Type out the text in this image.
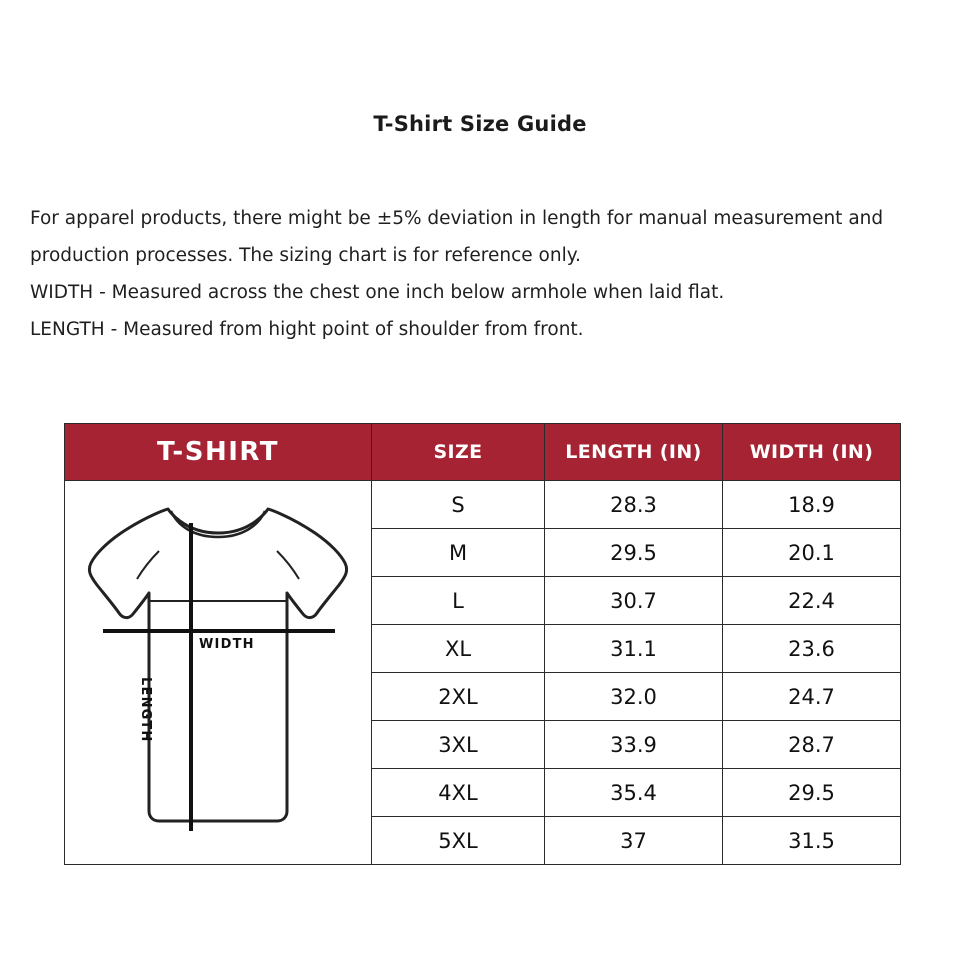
T-Shirt Size Guide

For apparel products, there might be ±5% deviation in length for manual measurement and production processes. The sizing chart is for reference only.

WIDTH - Measured across the chest one inch below armhole when laid flat.

LENGTH - Measured from hight point of shoulder from front.

T-SHIRT	SIZE	LENGTH (IN)	WIDTH (IN)

WIDTH
LENGTH	S	28.3	18.9
	M	29.5	20.1
	L	30.7	22.4
	XL	31.1	23.6
	2XL	32.0	24.7
	3XL	33.9	28.7
	4XL	35.4	29.5
	5XL	37	31.5
